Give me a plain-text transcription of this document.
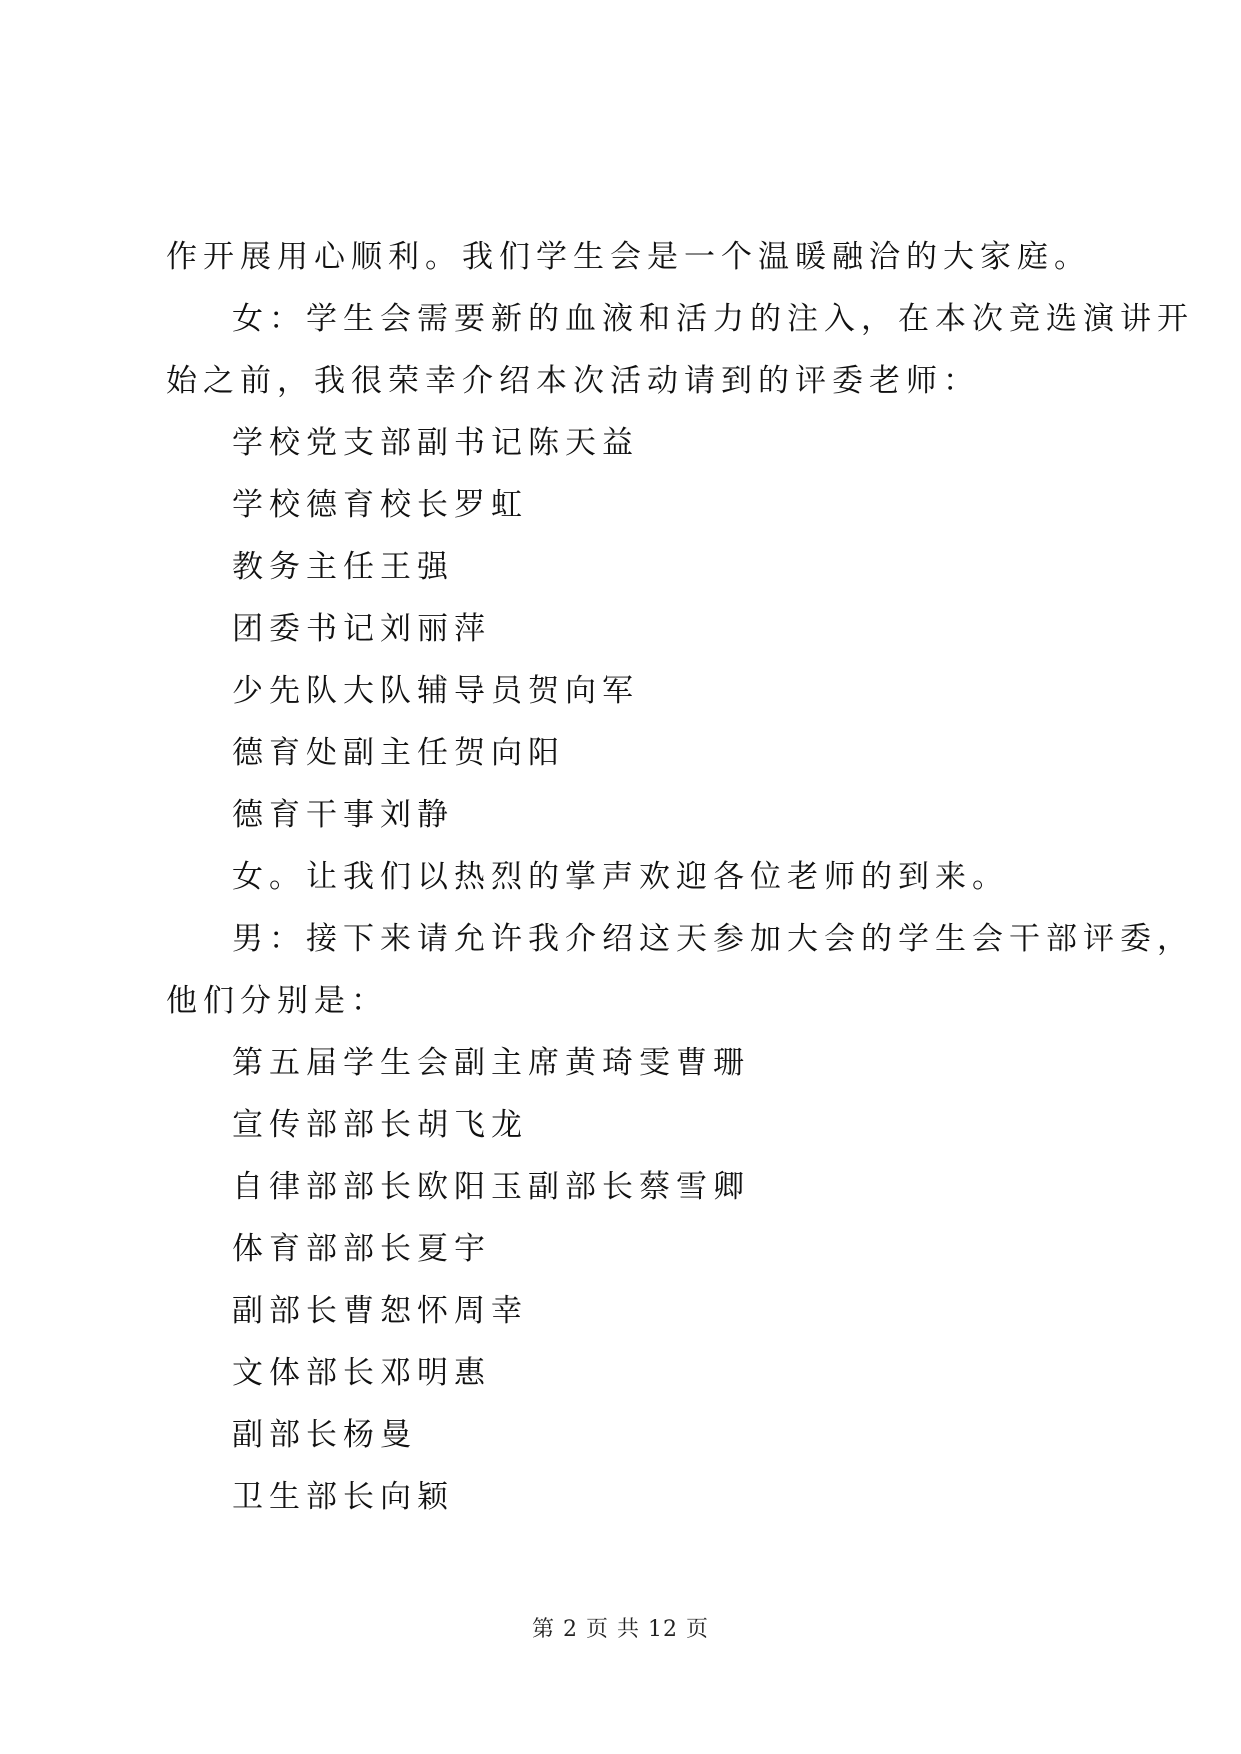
作开展用心顺利。我们学生会是一个温暖融洽的大家庭。
女：学生会需要新的血液和活力的注入，在本次竞选演讲开
始之前，我很荣幸介绍本次活动请到的评委老师：
学校党支部副书记陈天益
学校德育校长罗虹
教务主任王强
团委书记刘丽萍
少先队大队辅导员贺向军
德育处副主任贺向阳
德育干事刘静
女。让我们以热烈的掌声欢迎各位老师的到来。
男：接下来请允许我介绍这天参加大会的学生会干部评委，
他们分别是：
第五届学生会副主席黄琦雯曹珊
宣传部部长胡飞龙
自律部部长欧阳玉副部长蔡雪卿
体育部部长夏宇
副部长曹恕怀周幸
文体部长邓明惠
副部长杨曼
卫生部长向颖
第 2 页 共 12 页
